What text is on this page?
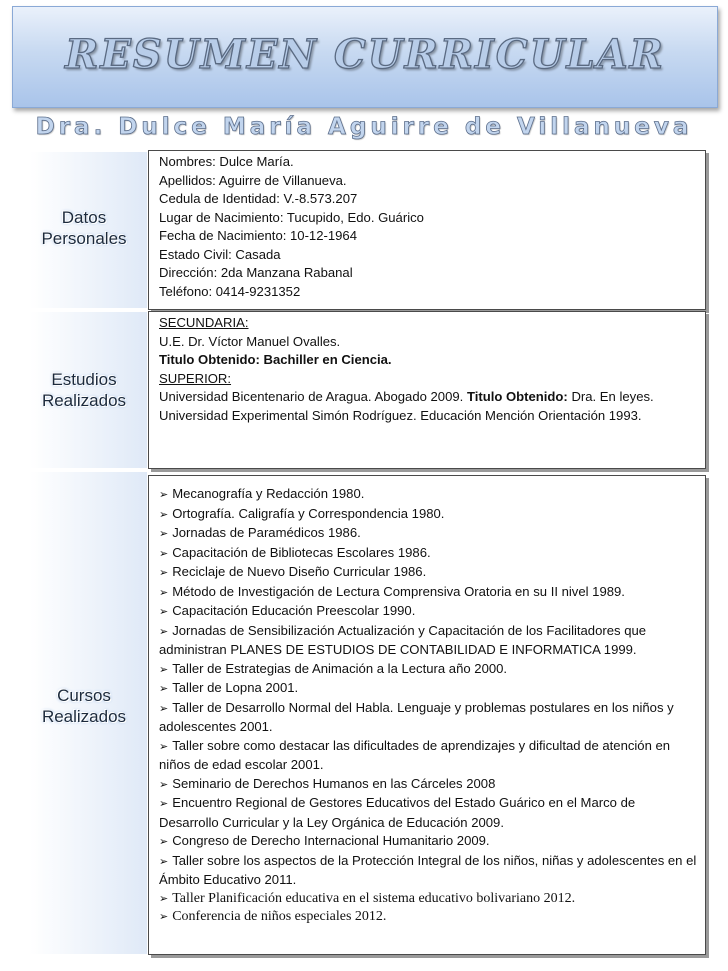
RESUMEN CURRICULAR
Dra. Dulce María Aguirre de Villanueva
Datos
Personales
Nombres: Dulce María.
Apellidos: Aguirre de Villanueva.
Cedula de Identidad: V.-8.573.207
Lugar de Nacimiento: Tucupido, Edo. Guárico
Fecha de Nacimiento: 10-12-1964
Estado Civil: Casada
Dirección: 2da Manzana Rabanal
Teléfono: 0414-9231352
Estudios
Realizados
SECUNDARIA:
U.E. Dr. Víctor Manuel Ovalles.
Titulo Obtenido: Bachiller en Ciencia.
SUPERIOR:
Universidad Bicentenario de Aragua. Abogado 2009. Titulo Obtenido: Dra. En leyes.
Universidad Experimental Simón Rodríguez. Educación Mención Orientación 1993.
Cursos
Realizados
➢ Mecanografía y Redacción 1980.
➢ Ortografía. Caligrafía y Correspondencia 1980.
➢ Jornadas de Paramédicos 1986.
➢ Capacitación de Bibliotecas Escolares 1986.
➢ Reciclaje de Nuevo Diseño Curricular 1986.
➢ Método de Investigación de Lectura Comprensiva Oratoria en su II nivel 1989.
➢ Capacitación Educación Preescolar 1990.
➢ Jornadas de Sensibilización Actualización y Capacitación de los Facilitadores que administran PLANES DE ESTUDIOS DE CONTABILIDAD E INFORMATICA 1999.
➢ Taller de Estrategias de Animación a la Lectura año 2000.
➢ Taller de Lopna 2001.
➢ Taller de Desarrollo Normal del Habla. Lenguaje y problemas postulares en los niños y adolescentes 2001.
➢ Taller sobre como destacar las dificultades de aprendizajes y dificultad de atención en niños de edad escolar 2001.
➢ Seminario de Derechos Humanos en las Cárceles 2008
➢ Encuentro Regional de Gestores Educativos del Estado Guárico en el Marco de Desarrollo Curricular y la Ley Orgánica de Educación 2009.
➢ Congreso de Derecho Internacional Humanitario 2009.
➢ Taller sobre los aspectos de la Protección Integral de los niños, niñas y adolescentes en el Ámbito Educativo 2011.
➢ Taller Planificación educativa en el sistema educativo bolivariano 2012.
➢ Conferencia de niños especiales 2012.
